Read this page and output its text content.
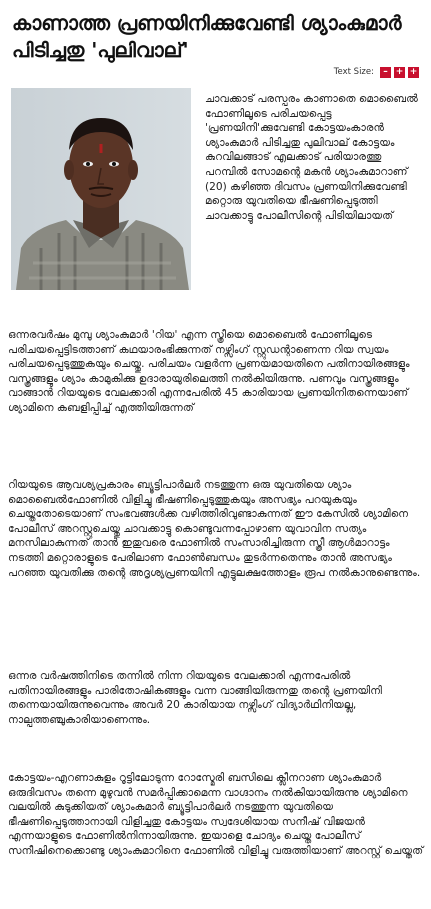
കാണാത്ത പ്രണയിനിക്കുവേണ്ടി ശ്യാംകുമാർ പിടിച്ചതു 'പുലിവാല്'
Text Size:	– + +
ചാവക്കാട് പരസ്പരം കാണാതെ മൊബൈൽ ഫോണിലൂടെ പരിചയപ്പെട്ട 'പ്രണയിനി'ക്കുവേണ്ടി കോട്ടയംകാരൻ ശ്യാംകുമാർ പിടിച്ചതു പുലിവാല് കോട്ടയം കുറവിലങ്ങാട് എലക്കാട് പരിയാരത്തു പറമ്പിൽ സോമന്റെ മകൻ ശ്യാംകുമാറാണ് (20) കഴിഞ്ഞ ദിവസം പ്രണയിനിക്കുവേണ്ടി മറ്റൊരു യുവതിയെ ഭീഷണിപ്പെടുത്തി ചാവക്കാട്ടു പോലീസിന്റെ പിടിയിലായത്

ഒന്നരവർഷം മുമ്പു ശ്യാംകുമാർ 'റിയ' എന്ന സ്ത്രീയെ മൊബൈൽ ഫോണിലൂടെ പരിചയപ്പെട്ടിടത്താണ് കഥയാരംഭിക്കുന്നത് നഴ്സിംഗ് സ്റ്റുഡന്റാണെന്ന റിയ സ്വയം പരിചയപ്പെടുത്തുകയും ചെയ്തു. പരിചയം വളർന്ന പ്രണയമായതിനെ പതിനായിരങ്ങളും വസ്ത്രങ്ങളും ശ്യാം കാമുകിക്കു ഉദാരായുരിലെത്തി നൽകിയിരുന്നു. പണവും വസ്ത്രങ്ങളും വാങ്ങാൻ റിയയുടെ വേലക്കാരി എന്നപേരിൽ 45 കാരിയായ പ്രണയിനിതന്നെയാണ് ശ്യാമിനെ കബളിപ്പിച്ച് എത്തിയിരുന്നത്

റിയയുടെ ആവശ്യപ്രകാരം ബ്യൂട്ടിപാർലർ നടത്തുന്ന ഒരു യുവതിയെ ശ്യാം മൊബൈൽഫോണിൽ വിളിച്ചു ഭീഷണിപ്പെടുത്തുകയും അസഭ്യം പറയുകയും ചെയ്തതോടെയാണ് സംഭവങ്ങൾക്ക വഴിത്തിരിവുണ്ടാകുന്നത് ഈ കേസിൽ ശ്യാമിനെ പോലീസ് അറസ്റ്റുചെയ്തു ചാവക്കാട്ടു കൊണ്ടുവന്നപ്പോഴാണ യുവാവിന സത്യം മനസിലാകുന്നത് താൻ ഇതുവരെ ഫോണിൽ സംസാരിച്ചിരുന്ന സ്ത്രീ ആൾമാറാട്ടം നടത്തി മറ്റൊരാളുടെ പേരിലാണ ഫോൺബന്ധം തുടർന്നതെന്നും താൻ അസഭ്യം പറഞ്ഞ യുവതിക്കു തന്റെ അദൃശ്യപ്രണയിനി എട്ടുലക്ഷത്തോളം രൂപ നൽകാനുണ്ടെന്നും.

ഒന്നര വർഷത്തിനിടെ തന്നിൽ നിന്ന റിയയുടെ വേലക്കാരി എന്നപേരിൽ പതിനായിരങ്ങളും പാരിതോഷികങ്ങളും വന്ന വാങ്ങിയിരുന്നതു തന്റെ പ്രണയിനി തന്നെയായിരുന്നുവെന്നും അവർ 20 കാരിയായ നഴ്സിംഗ് വിദ്യാർഥിനിയല്ല, നാല്പത്തഞ്ചുകാരിയാണെന്നും.

കോട്ടയം-എറണാകുളം റൂട്ടിലോടുന്ന റോസ്മേരി ബസിലെ ക്ലീനറാണ ശ്യാംകുമാർ ഒരുദിവസം തന്നെ മുഴുവൻ സമർപ്പിക്കാമെന്ന വാഗ്ദാനം നൽകിയായിരുന്നു ശ്യാമിനെ വലയിൽ കുടുക്കിയത് ശ്യാംകുമാർ ബ്യൂട്ടിപാർലർ നടത്തുന്ന യുവതിയെ ഭീഷണിപ്പെടുത്താനായി വിളിച്ചതു കോട്ടയം സ്വദേശിയായ സനീഷ് വിജയൻ എന്നയാളുടെ ഫോണിൽനിന്നായിരുന്നു. ഇയാളെ ചോദ്യം ചെയ്ത പോലീസ് സനീഷിനെക്കൊണ്ടു ശ്യാംകുമാറിനെ ഫോണിൽ വിളിച്ചു വരുത്തിയാണ് അറസ്റ്റ് ചെയ്തത്
